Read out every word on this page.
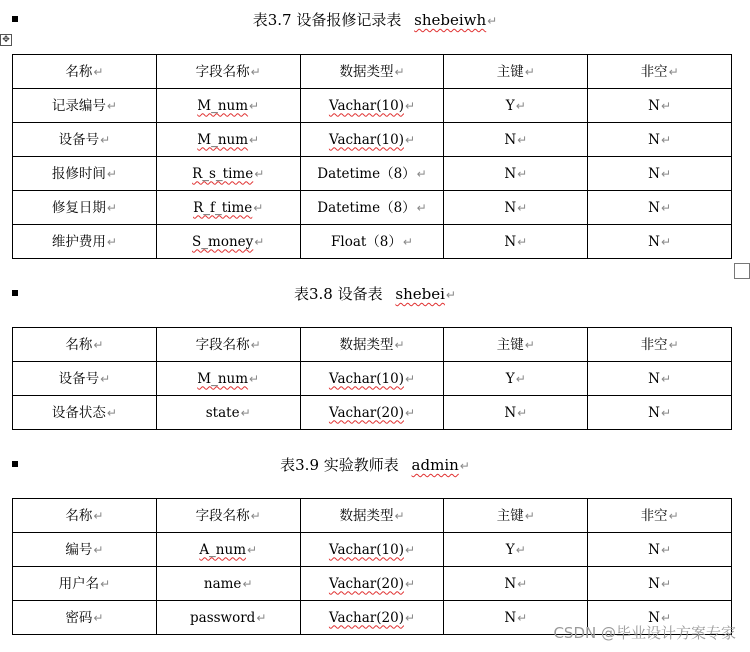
表3.7 设备报修记录表 shebeiwh↵
✥
名称↵	字段名称↵	数据类型↵	主键↵	非空↵
记录编号↵	M_num↵	Vachar(10)↵	Y↵	N↵
设备号↵	M_num↵	Vachar(10)↵	N↵	N↵
报修时间↵	R_s_time↵	Datetime（8）↵	N↵	N↵
修复日期↵	R_f_time↵	Datetime（8）↵	N↵	N↵
维护费用↵	S_money↵	Float（8）↵	N↵	N↵
表3.8 设备表 shebei↵
名称↵	字段名称↵	数据类型↵	主键↵	非空↵
设备号↵	M_num↵	Vachar(10)↵	Y↵	N↵
设备状态↵	state↵	Vachar(20)↵	N↵	N↵
表3.9 实验教师表 admin↵
名称↵	字段名称↵	数据类型↵	主键↵	非空↵
编号↵	A_num↵	Vachar(10)↵	Y↵	N↵
用户名↵	name↵	Vachar(20)↵	N↵	N↵
密码↵	password↵	Vachar(20)↵	N↵	N↵
CSDN @毕业设计方案专家
